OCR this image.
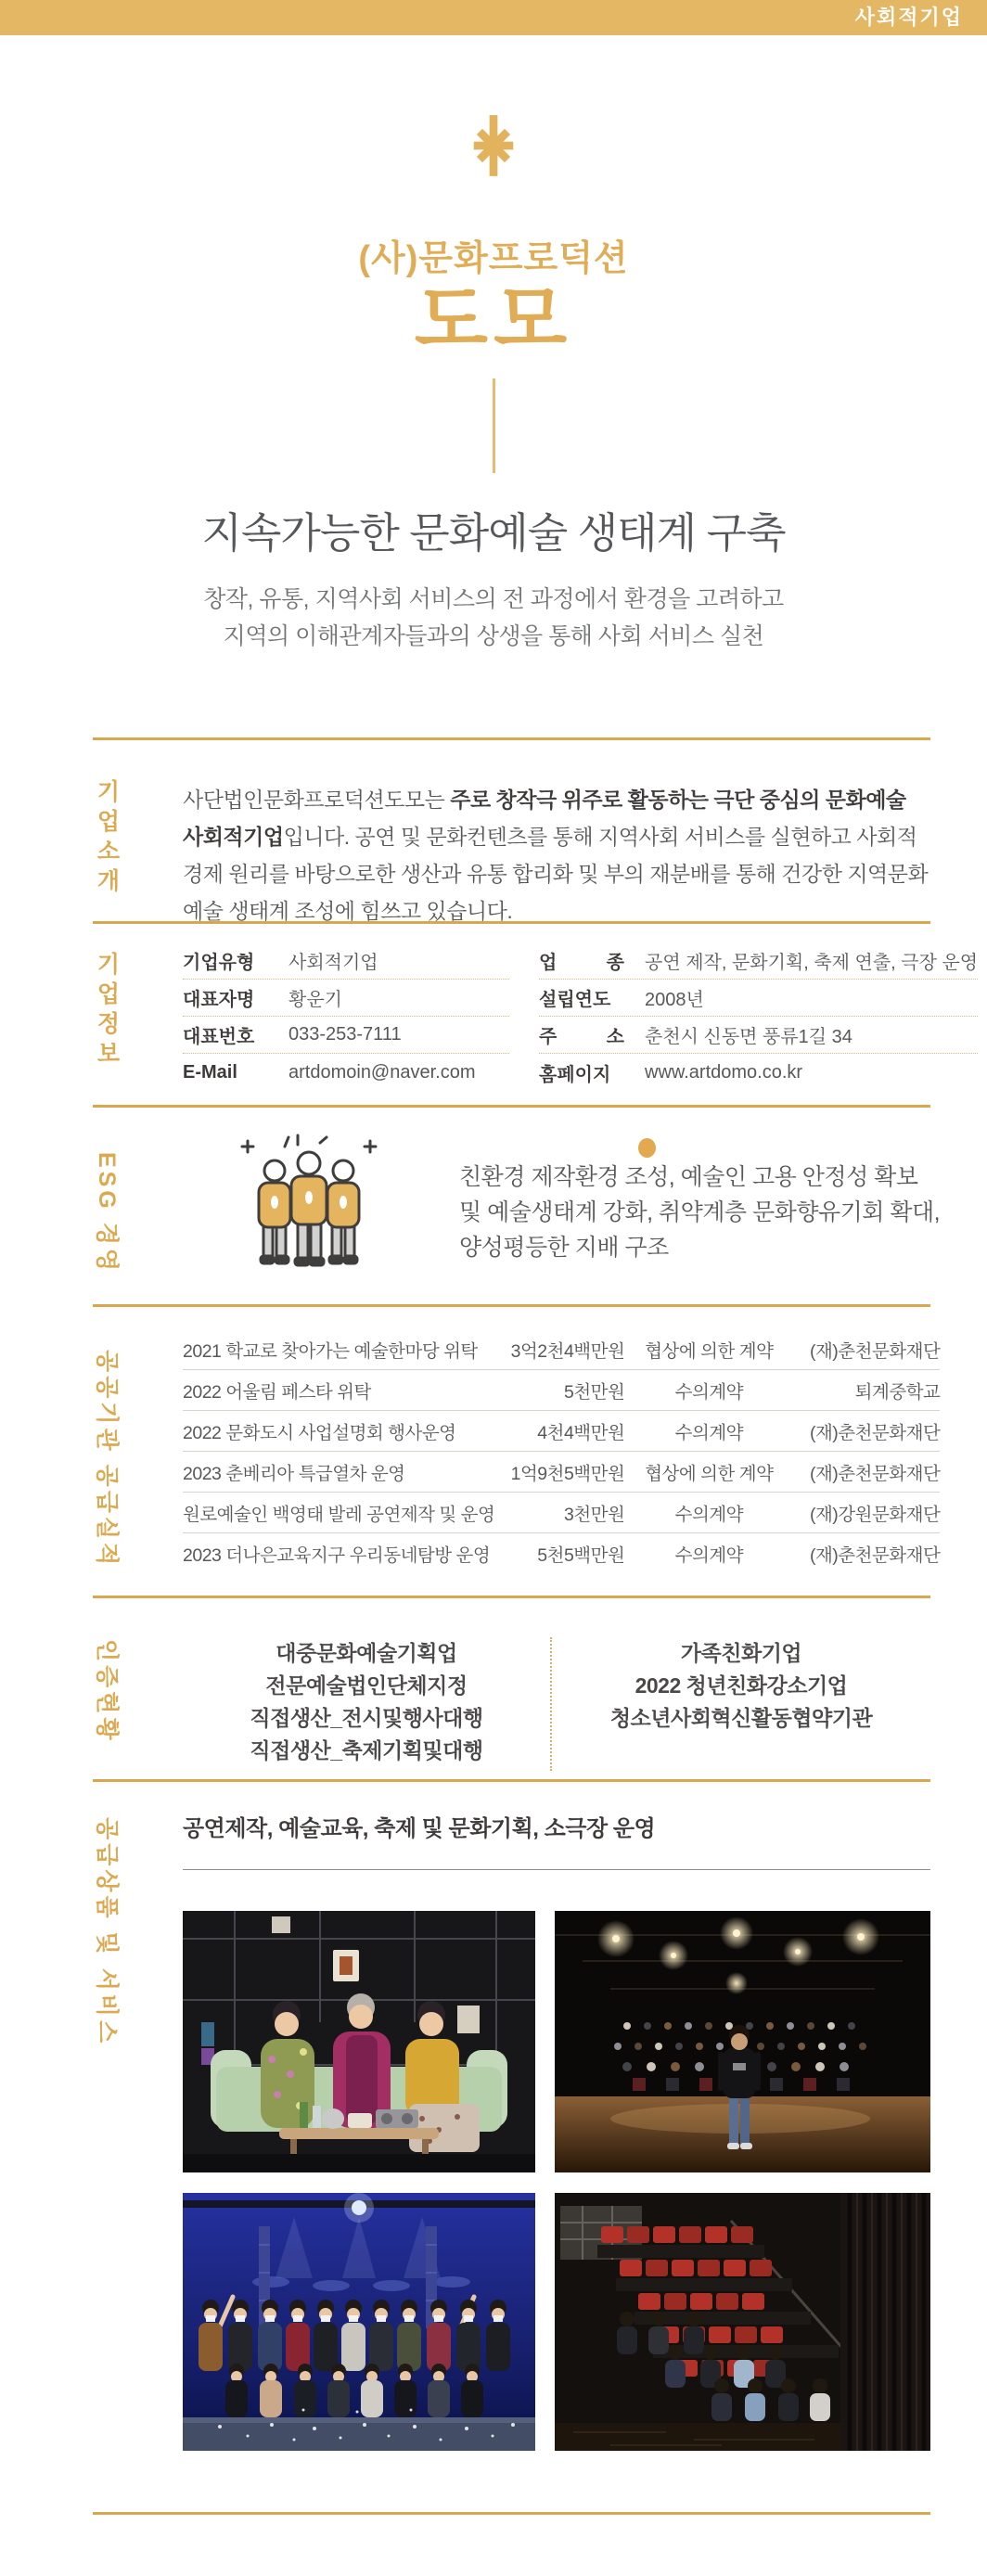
사회적기업
(사)문화프로덕션
도모
지속가능한 문화예술 생태계 구축
창작, 유통, 지역사회 서비스의 전 과정에서 환경을 고려하고
지역의 이해관계자들과의 상생을 통해 사회 서비스 실천
기업소개	사단법인문화프로덕션도모는 주로 창작극 위주로 활동하는 극단 중심의 문화예술 사회적기업입니다. 공연 및 문화컨텐츠를 통해 지역사회 서비스를 실현하고 사회적경제 원리를 바탕으로한 생산과 유통 합리화 및 부의 재분배를 통해 건강한 지역문화예술 생태계 조성에 힘쓰고 있습니다.

기업정보	기업유형	사회적기업
대표자명	황운기
대표번호	033-253-7111
E-Mail	artdomoin@naver.com
업 종 공연 제작, 문화기획, 축제 연출, 극장 운영
설립연도	2008년
주 소 춘천시 신동면 풍류1길 34
홈페이지	www.artdomo.co.kr
ESG 경영	친환경 제작환경 조성, 예술인 고용 안정성 확보 및 예술생태계 강화, 취약계층 문화향유기회 확대, 양성평등한 지배 구조
공공기관 공급실적	2021 학교로 찾아가는 예술한마당 위탁	3억2천4백만원	협상에 의한 계약	(재)춘천문화재단
2022 어울림 페스타 위탁	5천만원	수의계약	퇴계중학교
2022 문화도시 사업설명회 행사운영	4천4백만원	수의계약	(재)춘천문화재단
2023 춘베리아 특급열차 운영	1억9천5백만원	협상에 의한 계약	(재)춘천문화재단
원로예술인 백영태 발레 공연제작 및 운영	3천만원	수의계약	(재)강원문화재단
2023 더나은교육지구 우리동네탐방 운영	5천5백만원	수의계약	(재)춘천문화재단
인증현황	대중문화예술기획업
전문예술법인단체지정
직접생산_전시및행사대행
직접생산_축제기획및대행
가족친화기업
2022 청년친화강소기업
청소년사회혁신활동협약기관
공급상품 및 서비스	공연제작, 예술교육, 축제 및 문화기획, 소극장 운영
